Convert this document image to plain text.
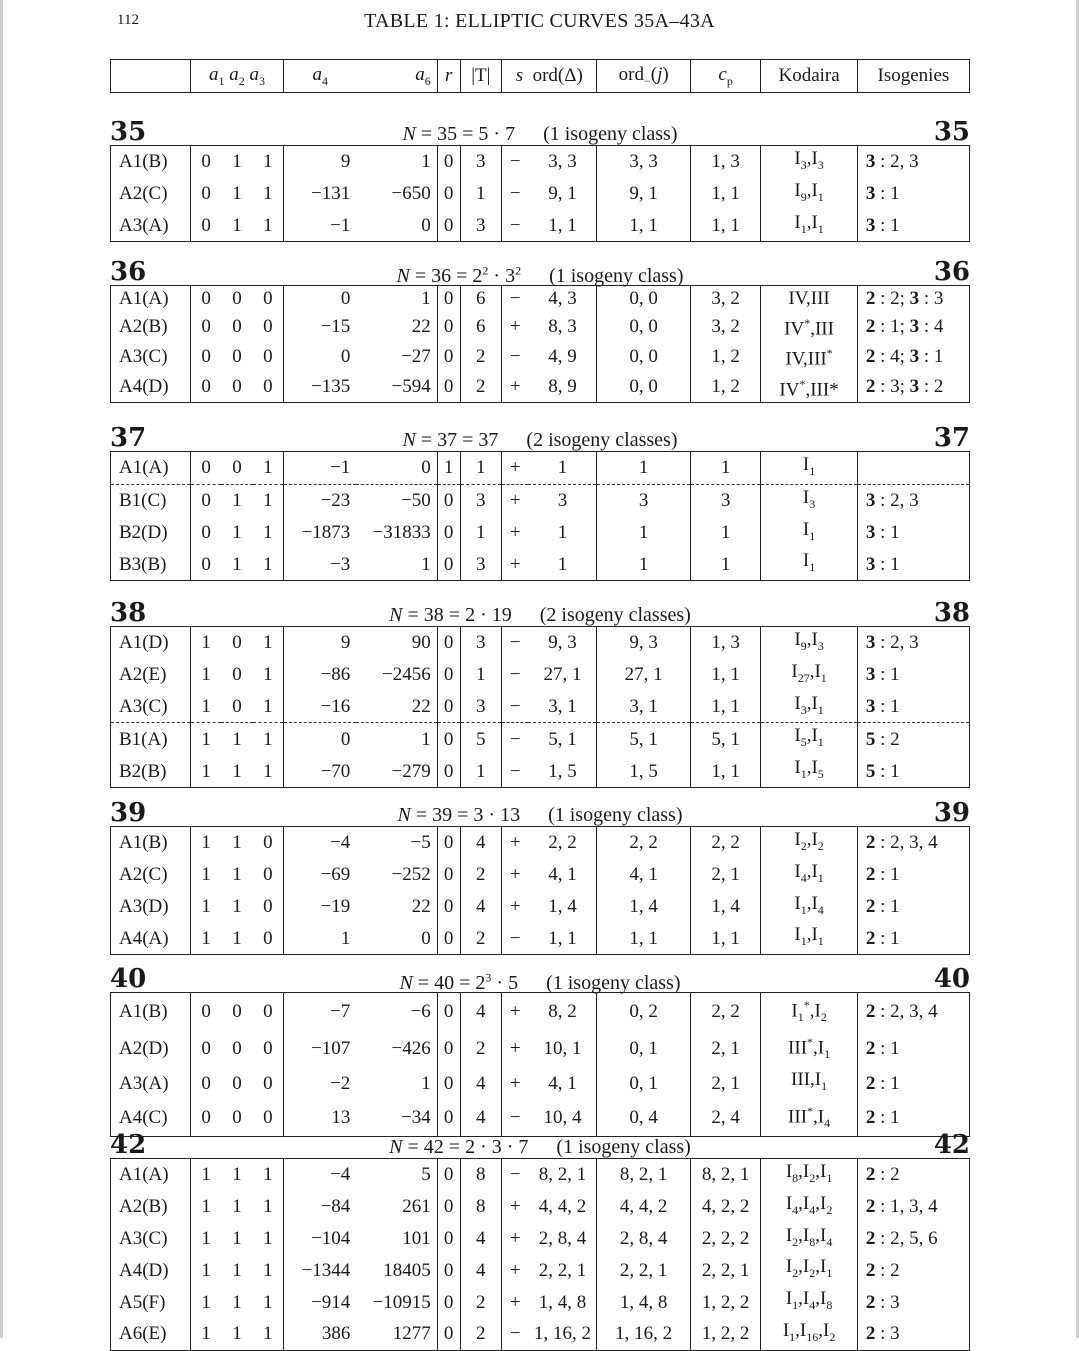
112	TABLE 1: ELLIPTIC CURVES 35A–43A
	$a_1$ $a_2$ $a_3$	$a_4$	$a_6$	r	|T|	s  ord(Δ)	ord$_-$(j)	$c_p$	Kodaira	Isogenies
35	N = 35 = 5 · 7 (1 isogeny class)	35
A1(B)	0	1	1	9	1	0	3	−	3, 3	3, 3	1, 3	$I_3,I_3$	3 : 2, 3
A2(C)	0	1	1	−131	−650	0	1	−	9, 1	9, 1	1, 1	$I_9,I_1$	3 : 1
A3(A)	0	1	1	−1	0	0	3	−	1, 1	1, 1	1, 1	$I_1,I_1$	3 : 1
36	$N = 36 = 2^2 \cdot 3^2$ (1 isogeny class)	36
A1(A)	0	0	0	0	1	0	6	−	4, 3	0, 0	3, 2	IV,III	2 : 2; 3 : 3
A2(B)	0	0	0	−15	22	0	6	+	8, 3	0, 0	3, 2	IV*,III	2 : 1; 3 : 4
A3(C)	0	0	0	0	−27	0	2	−	4, 9	0, 0	1, 2	IV,III*	2 : 4; 3 : 1
A4(D)	0	0	0	−135	−594	0	2	+	8, 9	0, 0	1, 2	IV*,III*	2 : 3; 3 : 2
37	N = 37 = 37 (2 isogeny classes)	37
A1(A)	0	0	1	−1	0	1	1	+	1	1	1	$I_1$	
B1(C)	0	1	1	−23	−50	0	3	+	3	3	3	$I_3$	3 : 2, 3
B2(D)	0	1	1	−1873	−31833	0	1	+	1	1	1	$I_1$	3 : 1
B3(B)	0	1	1	−3	1	0	3	+	1	1	1	$I_1$	3 : 1
38	N = 38 = 2 · 19 (2 isogeny classes)	38
A1(D)	1	0	1	9	90	0	3	−	9, 3	9, 3	1, 3	$I_9,I_3$	3 : 2, 3
A2(E)	1	0	1	−86	−2456	0	1	−	27, 1	27, 1	1, 1	$I_{27},I_1$	3 : 1
A3(C)	1	0	1	−16	22	0	3	−	3, 1	3, 1	1, 1	$I_3,I_1$	3 : 1
B1(A)	1	1	1	0	1	0	5	−	5, 1	5, 1	5, 1	$I_5,I_1$	5 : 2
B2(B)	1	1	1	−70	−279	0	1	−	1, 5	1, 5	1, 1	$I_1,I_5$	5 : 1
39	N = 39 = 3 · 13 (1 isogeny class)	39
A1(B)	1	1	0	−4	−5	0	4	+	2, 2	2, 2	2, 2	$I_2,I_2$	2 : 2, 3, 4
A2(C)	1	1	0	−69	−252	0	2	+	4, 1	4, 1	2, 1	$I_4,I_1$	2 : 1
A3(D)	1	1	0	−19	22	0	4	+	1, 4	1, 4	1, 4	$I_1,I_4$	2 : 1
A4(A)	1	1	0	1	0	0	2	−	1, 1	1, 1	1, 1	$I_1,I_1$	2 : 1
40	$N = 40 = 2^3 \cdot 5$ (1 isogeny class)	40
A1(B)	0	0	0	−7	−6	0	4	+	8, 2	0, 2	2, 2	$I_1^*,I_2$	2 : 2, 3, 4
A2(D)	0	0	0	−107	−426	0	2	+	10, 1	0, 1	2, 1	$III^*,I_1$	2 : 1
A3(A)	0	0	0	−2	1	0	4	+	4, 1	0, 1	2, 1	$III,I_1$	2 : 1
A4(C)	0	0	0	13	−34	0	4	−	10, 4	0, 4	2, 4	$III^*,I_4$	2 : 1
42	N = 42 = 2 · 3 · 7 (1 isogeny class)	42
A1(A)	1	1	1	−4	5	0	8	−	8, 2, 1	8, 2, 1	8, 2, 1	$I_8,I_2,I_1$	2 : 2
A2(B)	1	1	1	−84	261	0	8	+	4, 4, 2	4, 4, 2	4, 2, 2	$I_4,I_4,I_2$	2 : 1, 3, 4
A3(C)	1	1	1	−104	101	0	4	+	2, 8, 4	2, 8, 4	2, 2, 2	$I_2,I_8,I_4$	2 : 2, 5, 6
A4(D)	1	1	1	−1344	18405	0	4	+	2, 2, 1	2, 2, 1	2, 2, 1	$I_2,I_2,I_1$	2 : 2
A5(F)	1	1	1	−914	−10915	0	2	+	1, 4, 8	1, 4, 8	1, 2, 2	$I_1,I_4,I_8$	2 : 3
A6(E)	1	1	1	386	1277	0	2	−	1, 16, 2	1, 16, 2	1, 2, 2	$I_1,I_{16},I_2$	2 : 3
